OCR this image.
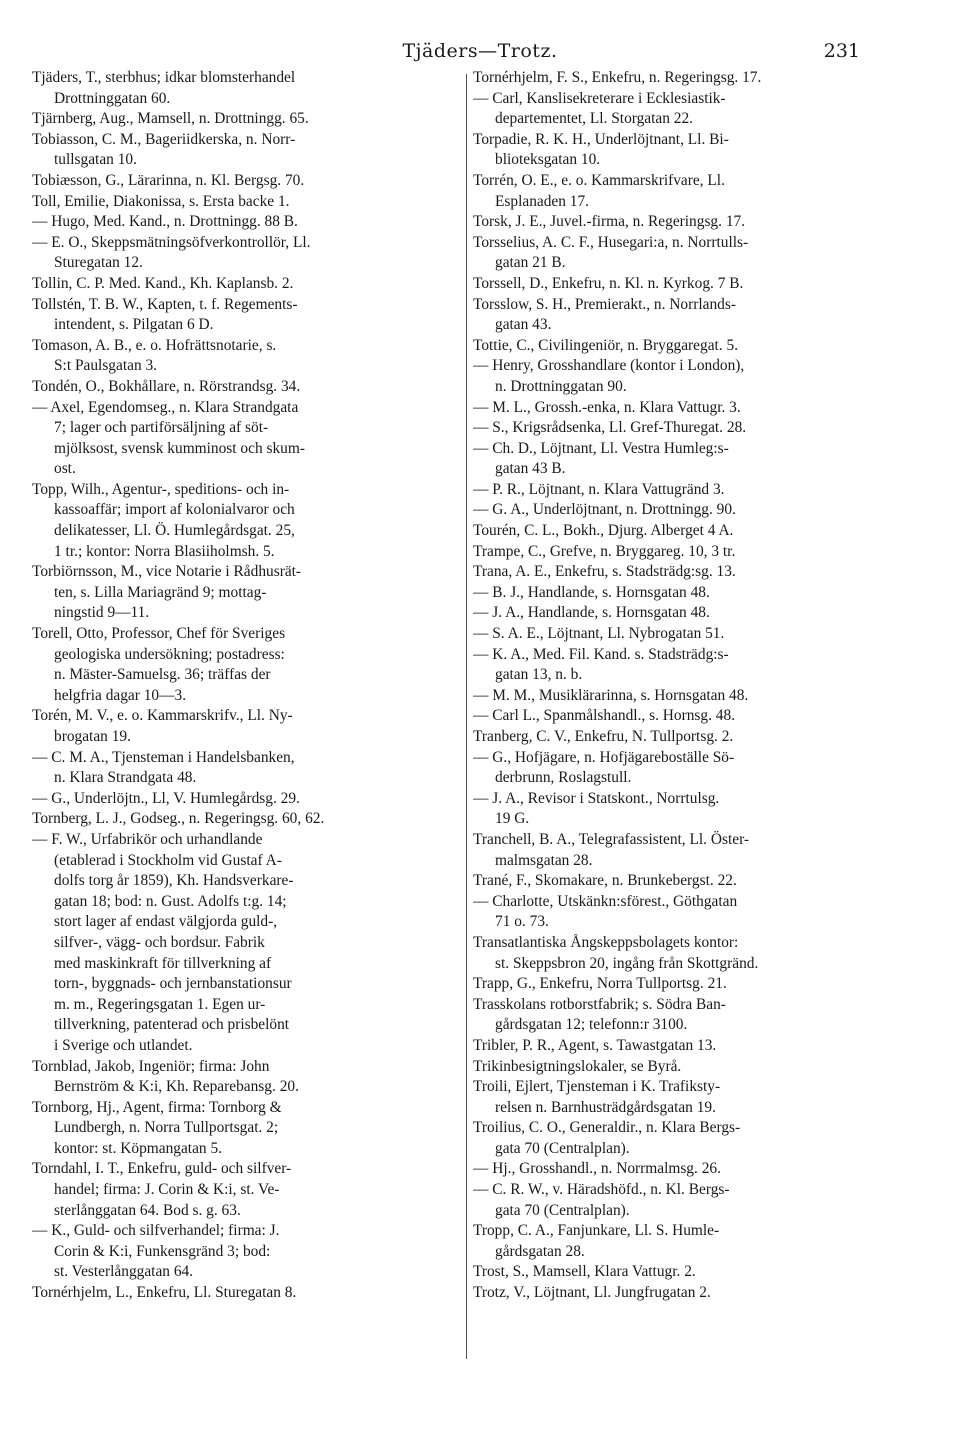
Tjäders—Trotz.	231
Tjäders, T., sterbhus; idkar blomsterhandel
Drottninggatan 60.
Tjärnberg, Aug., Mamsell, n. Drottningg. 65.
Tobiasson, C. M., Bageriidkerska, n. Norr-
tullsgatan 10.
Tobiæsson, G., Lärarinna, n. Kl. Bergsg. 70.
Toll, Emilie, Diakonissa, s. Ersta backe 1.
— Hugo, Med. Kand., n. Drottningg. 88 B.
— E. O., Skeppsmätningsöfverkontrollör, Ll.
Sturegatan 12.
Tollin, C. P. Med. Kand., Kh. Kaplansb. 2.
Tollstén, T. B. W., Kapten, t. f. Regements-
intendent, s. Pilgatan 6 D.
Tomason, A. B., e. o. Hofrättsnotarie, s.
S:t Paulsgatan 3.
Tondén, O., Bokhållare, n. Rörstrandsg. 34.
— Axel, Egendomseg., n. Klara Strandgata
7; lager och partiförsäljning af söt-
mjölksost, svensk kumminost och skum-
ost.
Topp, Wilh., Agentur-, speditions- och in-
kassoaffär; import af kolonialvaror och
delikatesser, Ll. Ö. Humlegårdsgat. 25,
1 tr.; kontor: Norra Blasiiholmsh. 5.
Torbiörnsson, M., vice Notarie i Rådhusrät-
ten, s. Lilla Mariagränd 9; mottag-
ningstid 9—11.
Torell, Otto, Professor, Chef för Sveriges
geologiska undersökning; postadress:
n. Mäster-Samuelsg. 36; träffas der
helgfria dagar 10—3.
Torén, M. V., e. o. Kammarskrifv., Ll. Ny-
brogatan 19.
— C. M. A., Tjensteman i Handelsbanken,
n. Klara Strandgata 48.
— G., Underlöjtn., Ll, V. Humlegårdsg. 29.
Tornberg, L. J., Godseg., n. Regeringsg. 60, 62.
— F. W., Urfabrikör och urhandlande
(etablerad i Stockholm vid Gustaf A-
dolfs torg år 1859), Kh. Handsverkare-
gatan 18; bod: n. Gust. Adolfs t:g. 14;
stort lager af endast välgjorda guld-,
silfver-, vägg- och bordsur. Fabrik
med maskinkraft för tillverkning af
torn-, byggnads- och jernbanstationsur
m. m., Regeringsgatan 1. Egen ur-
tillverkning, patenterad och prisbelönt
i Sverige och utlandet.
Tornblad, Jakob, Ingeniör; firma: John
Bernström & K:i, Kh. Reparebansg. 20.
Tornborg, Hj., Agent, firma: Tornborg &
Lundbergh, n. Norra Tullportsgat. 2;
kontor: st. Köpmangatan 5.
Torndahl, I. T., Enkefru, guld- och silfver-
handel; firma: J. Corin & K:i, st. Ve-
sterlånggatan 64. Bod s. g. 63.
— K., Guld- och silfverhandel; firma: J.
Corin & K:i, Funkensgränd 3; bod:
st. Vesterlånggatan 64.
Tornérhjelm, L., Enkefru, Ll. Sturegatan 8.
Tornérhjelm, F. S., Enkefru, n. Regeringsg. 17.
— Carl, Kanslisekreterare i Ecklesiastik-
departementet, Ll. Storgatan 22.
Torpadie, R. K. H., Underlöjtnant, Ll. Bi-
blioteksgatan 10.
Torrén, O. E., e. o. Kammarskrifvare, Ll.
Esplanaden 17.
Torsk, J. E., Juvel.-firma, n. Regeringsg. 17.
Torsselius, A. C. F., Husegari:a, n. Norrtulls-
gatan 21 B.
Torssell, D., Enkefru, n. Kl. n. Kyrkog. 7 B.
Torsslow, S. H., Premierakt., n. Norrlands-
gatan 43.
Tottie, C., Civilingeniör, n. Bryggaregat. 5.
— Henry, Grosshandlare (kontor i London),
n. Drottninggatan 90.
— M. L., Grossh.-enka, n. Klara Vattugr. 3.
— S., Krigsrådsenka, Ll. Gref-Thuregat. 28.
— Ch. D., Löjtnant, Ll. Vestra Humleg:s-
gatan 43 B.
— P. R., Löjtnant, n. Klara Vattugränd 3.
— G. A., Underlöjtnant, n. Drottningg. 90.
Tourén, C. L., Bokh., Djurg. Alberget 4 A.
Trampe, C., Grefve, n. Bryggareg. 10, 3 tr.
Trana, A. E., Enkefru, s. Stadsträdg:sg. 13.
— B. J., Handlande, s. Hornsgatan 48.
— J. A., Handlande, s. Hornsgatan 48.
— S. A. E., Löjtnant, Ll. Nybrogatan 51.
— K. A., Med. Fil. Kand. s. Stadsträdg:s-
gatan 13, n. b.
— M. M., Musiklärarinna, s. Hornsgatan 48.
— Carl L., Spanmålshandl., s. Hornsg. 48.
Tranberg, C. V., Enkefru, N. Tullportsg. 2.
— G., Hofjägare, n. Hofjägareboställe Sö-
derbrunn, Roslagstull.
— J. A., Revisor i Statskont., Norrtulsg.
19 G.
Tranchell, B. A., Telegrafassistent, Ll. Öster-
malmsgatan 28.
Trané, F., Skomakare, n. Brunkebergst. 22.
— Charlotte, Utskänkn:sförest., Göthgatan
71 o. 73.
Transatlantiska Ångskeppsbolagets kontor:
st. Skeppsbron 20, ingång från Skottgränd.
Trapp, G., Enkefru, Norra Tullportsg. 21.
Trasskolans rotborstfabrik; s. Södra Ban-
gårdsgatan 12; telefonn:r 3100.
Tribler, P. R., Agent, s. Tawastgatan 13.
Trikinbesigtningslokaler, se Byrå.
Troili, Ejlert, Tjensteman i K. Trafiksty-
relsen n. Barnhusträdgårdsgatan 19.
Troilius, C. O., Generaldir., n. Klara Bergs-
gata 70 (Centralplan).
— Hj., Grosshandl., n. Norrmalmsg. 26.
— C. R. W., v. Häradshöfd., n. Kl. Bergs-
gata 70 (Centralplan).
Tropp, C. A., Fanjunkare, Ll. S. Humle-
gårdsgatan 28.
Trost, S., Mamsell, Klara Vattugr. 2.
Trotz, V., Löjtnant, Ll. Jungfrugatan 2.
